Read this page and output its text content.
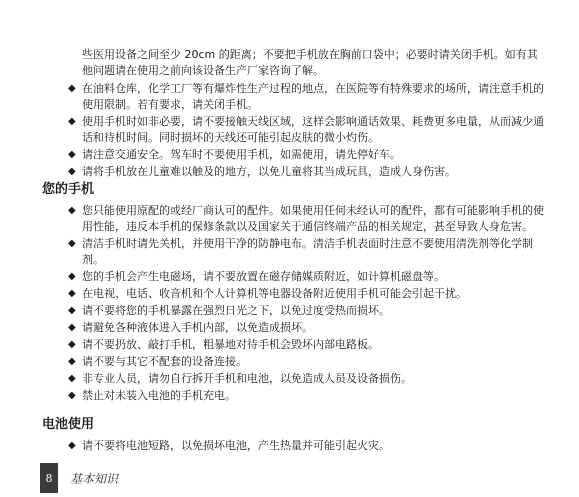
些医用设备之间至少 20cm 的距离；不要把手机放在胸前口袋中；必要时请关闭手机。如有其他问题请在使用之前向该设备生产厂家咨询了解。
◆ 在油料仓库，化学工厂等有爆炸性生产过程的地点，在医院等有特殊要求的场所，请注意手机的使用限制。若有要求，请关闭手机。
◆ 使用手机时如非必要，请不要接触天线区域，这样会影响通话效果、耗费更多电量，从而减少通话和待机时间。同时损坏的天线还可能引起皮肤的微小灼伤。
◆ 请注意交通安全。驾车时不要使用手机，如需使用，请先停好车。
◆ 请将手机放在儿童难以触及的地方，以免儿童将其当成玩具，造成人身伤害。
您的手机
◆ 您只能使用原配的或经厂商认可的配件。如果使用任何未经认可的配件，都有可能影响手机的使用性能，违反本手机的保修条款以及国家关于通信终端产品的相关规定，甚至导致人身危害。
◆ 清洁手机时请先关机，并使用干净的防静电布。清洁手机表面时注意不要使用清洗剂等化学制剂。
◆ 您的手机会产生电磁场，请不要放置在磁存储媒质附近，如计算机磁盘等。
◆ 在电视、电话、收音机和个人计算机等电器设备附近使用手机可能会引起干扰。
◆ 请不要将您的手机暴露在强烈日光之下，以免过度受热而损坏。
◆ 请避免各种液体进入手机内部，以免造成损坏。
◆ 请不要扔放、敲打手机，粗暴地对待手机会毁坏内部电路板。
◆ 请不要与其它不配套的设备连接。
◆ 非专业人员，请勿自行拆开手机和电池，以免造成人员及设备损伤。
◆ 禁止对未装入电池的手机充电。
电池使用
◆ 请不要将电池短路，以免损坏电池，产生热量并可能引起火灾。
8	基本知识
